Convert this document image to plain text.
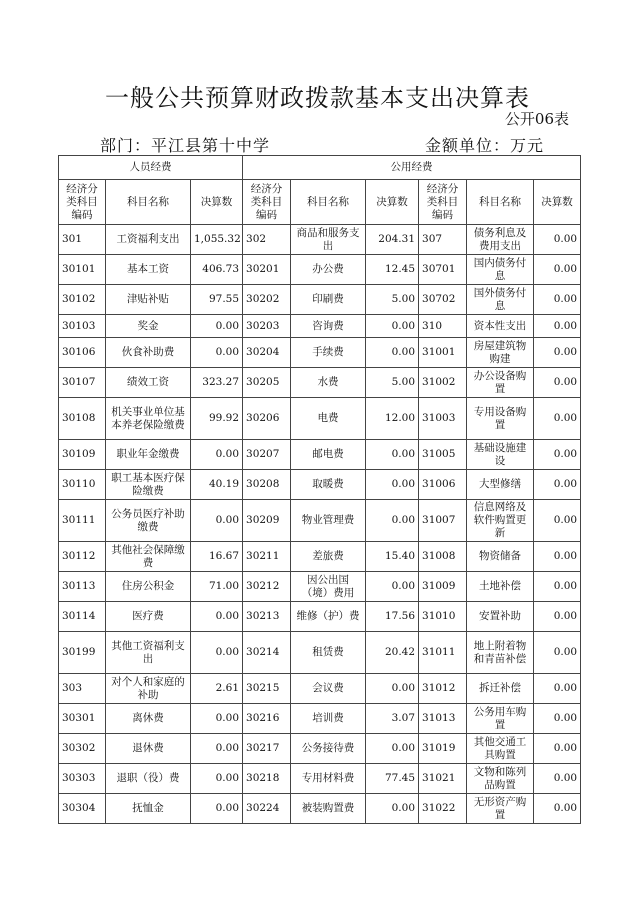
一般公共预算财政拨款基本支出决算表
公开06表
部门：平江县第十中学	金额单位：万元
人员经费			公用经费					
经济分类科目编码	科目名称	决算数	经济分类科目编码	科目名称	决算数	经济分类科目编码	科目名称	决算数
301	工资福利支出	1,055.32	302	商品和服务支出	204.31	307	债务利息及费用支出	0.00
30101	基本工资	406.73	30201	办公费	12.45	30701	国内债务付息	0.00
30102	津贴补贴	97.55	30202	印刷费	5.00	30702	国外债务付息	0.00
30103	奖金	0.00	30203	咨询费	0.00	310	资本性支出	0.00
30106	伙食补助费	0.00	30204	手续费	0.00	31001	房屋建筑物购建	0.00
30107	绩效工资	323.27	30205	水费	5.00	31002	办公设备购置	0.00
30108	机关事业单位基本养老保险缴费	99.92	30206	电费	12.00	31003	专用设备购置	0.00
30109	职业年金缴费	0.00	30207	邮电费	0.00	31005	基础设施建设	0.00
30110	职工基本医疗保险缴费	40.19	30208	取暖费	0.00	31006	大型修缮	0.00
30111	公务员医疗补助缴费	0.00	30209	物业管理费	0.00	31007	信息网络及软件购置更新	0.00
30112	其他社会保障缴费	16.67	30211	差旅费	15.40	31008	物资储备	0.00
30113	住房公积金	71.00	30212	因公出国（境）费用	0.00	31009	土地补偿	0.00
30114	医疗费	0.00	30213	维修（护）费	17.56	31010	安置补助	0.00
30199	其他工资福利支出	0.00	30214	租赁费	20.42	31011	地上附着物和青苗补偿	0.00
303	对个人和家庭的补助	2.61	30215	会议费	0.00	31012	拆迁补偿	0.00
30301	离休费	0.00	30216	培训费	3.07	31013	公务用车购置	0.00
30302	退休费	0.00	30217	公务接待费	0.00	31019	其他交通工具购置	0.00
30303	退职（役）费	0.00	30218	专用材料费	77.45	31021	文物和陈列品购置	0.00
30304	抚恤金	0.00	30224	被装购置费	0.00	31022	无形资产购置	0.00
